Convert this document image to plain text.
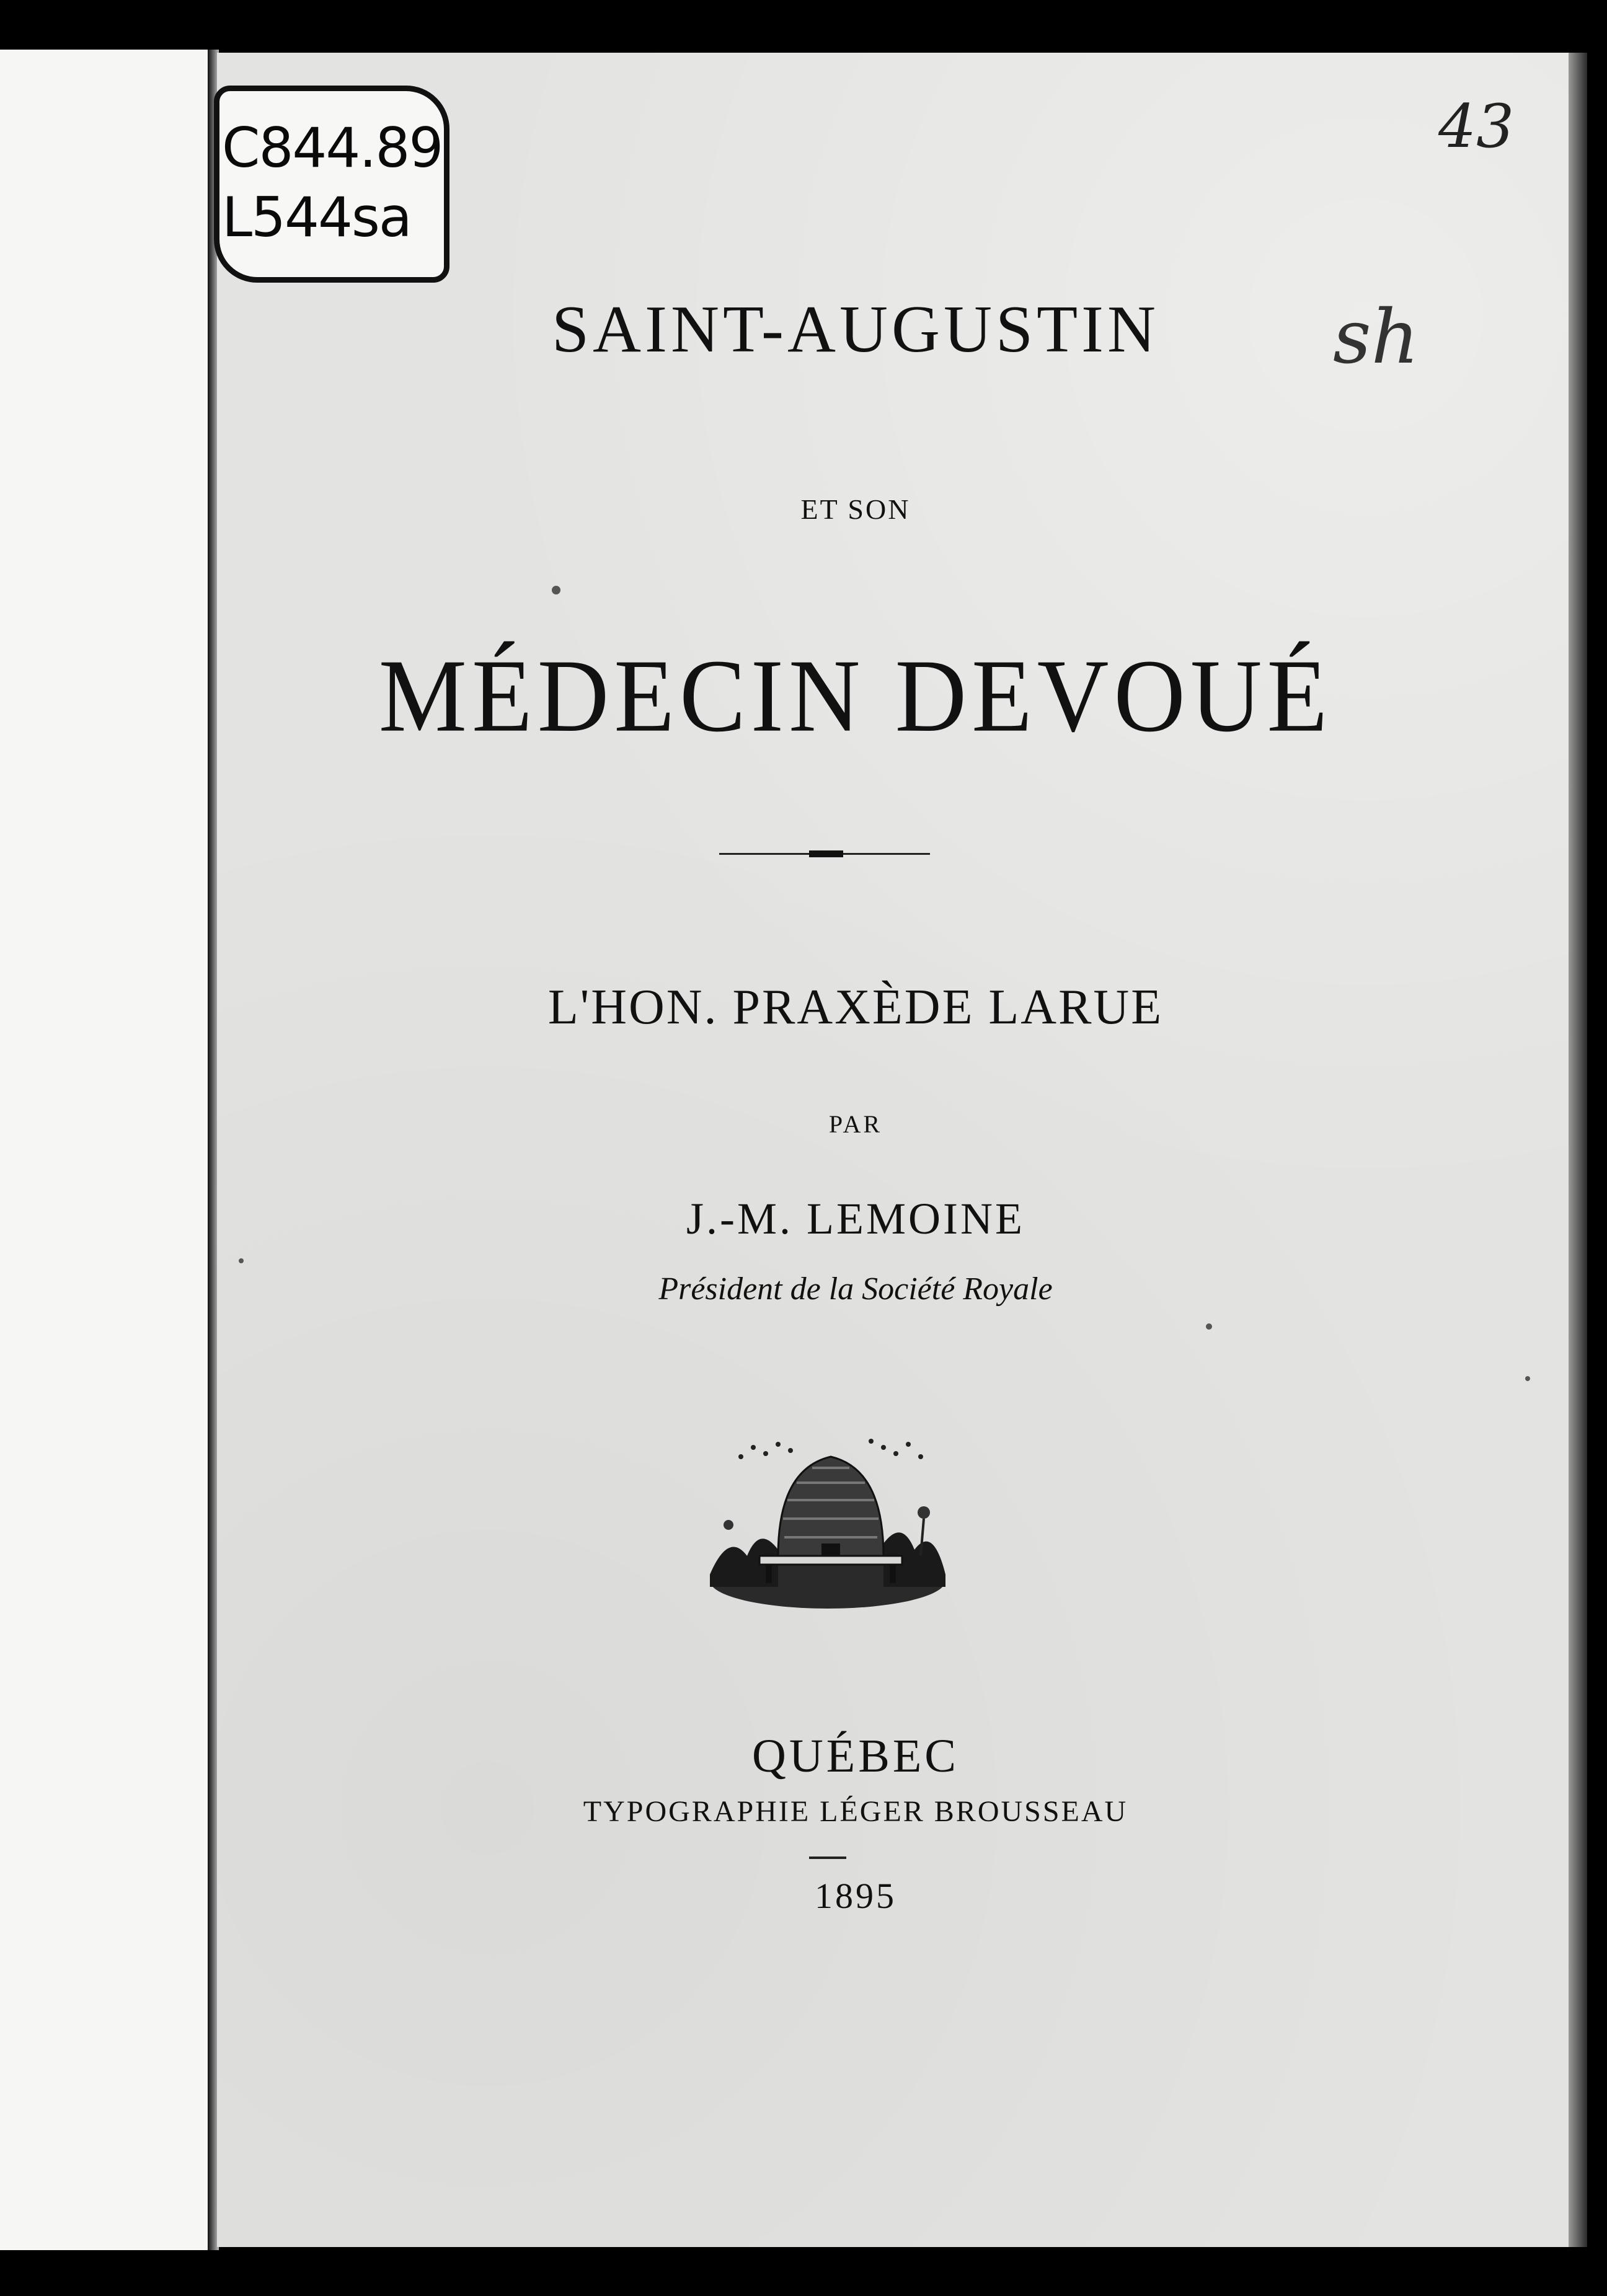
C844.89
L544sa
43
sh
SAINT-AUGUSTIN
ET SON
MÉDECIN DEVOUÉ
L'HON. PRAXÈDE LARUE
PAR
J.-M. LEMOINE
Président de la Société Royale
QUÉBEC
TYPOGRAPHIE LÉGER BROUSSEAU
1895
